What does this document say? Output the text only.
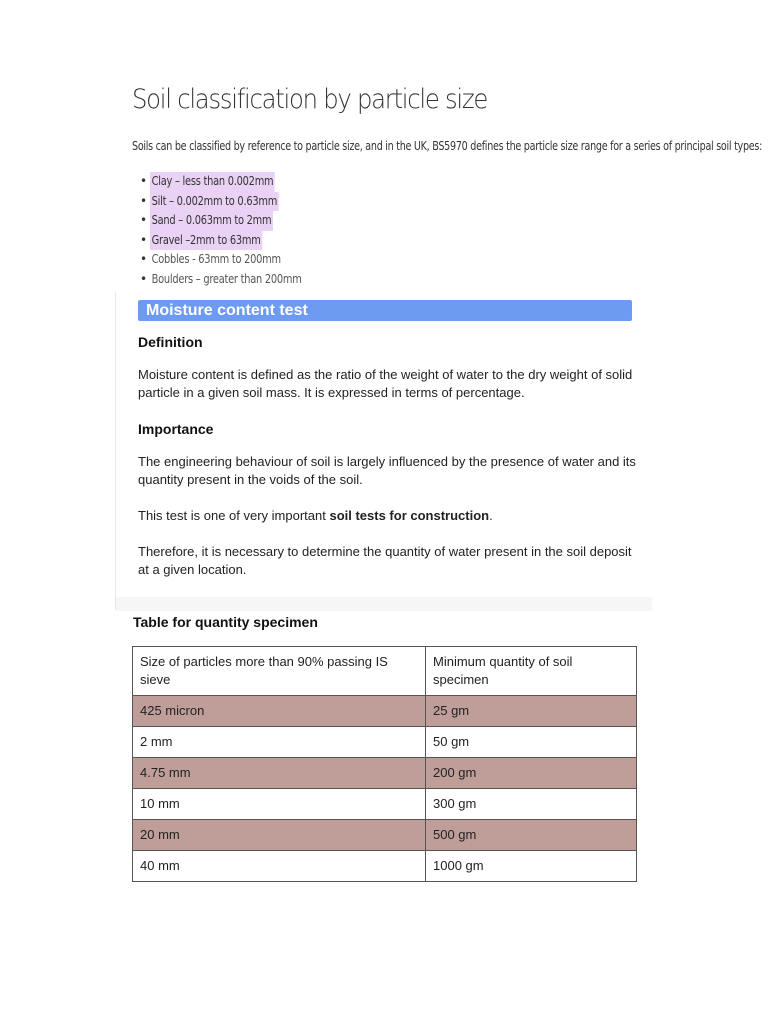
Soil classification by particle size
Soils can be classified by reference to particle size, and in the UK, BS5970 defines the particle size range for a series of principal soil types:
• Clay – less than 0.002mm
• Silt – 0.002mm to 0.63mm
• Sand – 0.063mm to 2mm
• Gravel –2mm to 63mm
• Cobbles - 63mm to 200mm
• Boulders – greater than 200mm
Moisture content test
Definition
Moisture content is defined as the ratio of the weight of water to the dry weight of solid particle in a given soil mass. It is expressed in terms of percentage.
Importance
The engineering behaviour of soil is largely influenced by the presence of water and its quantity present in the voids of the soil.
This test is one of very important soil tests for construction.
Therefore, it is necessary to determine the quantity of water present in the soil deposit at a given location.
Table for quantity specimen
Size of particles more than 90% passing IS sieve	Minimum quantity of soil specimen
425 micron	25 gm
2 mm	50 gm
4.75 mm	200 gm
10 mm	300 gm
20 mm	500 gm
40 mm	1000 gm
